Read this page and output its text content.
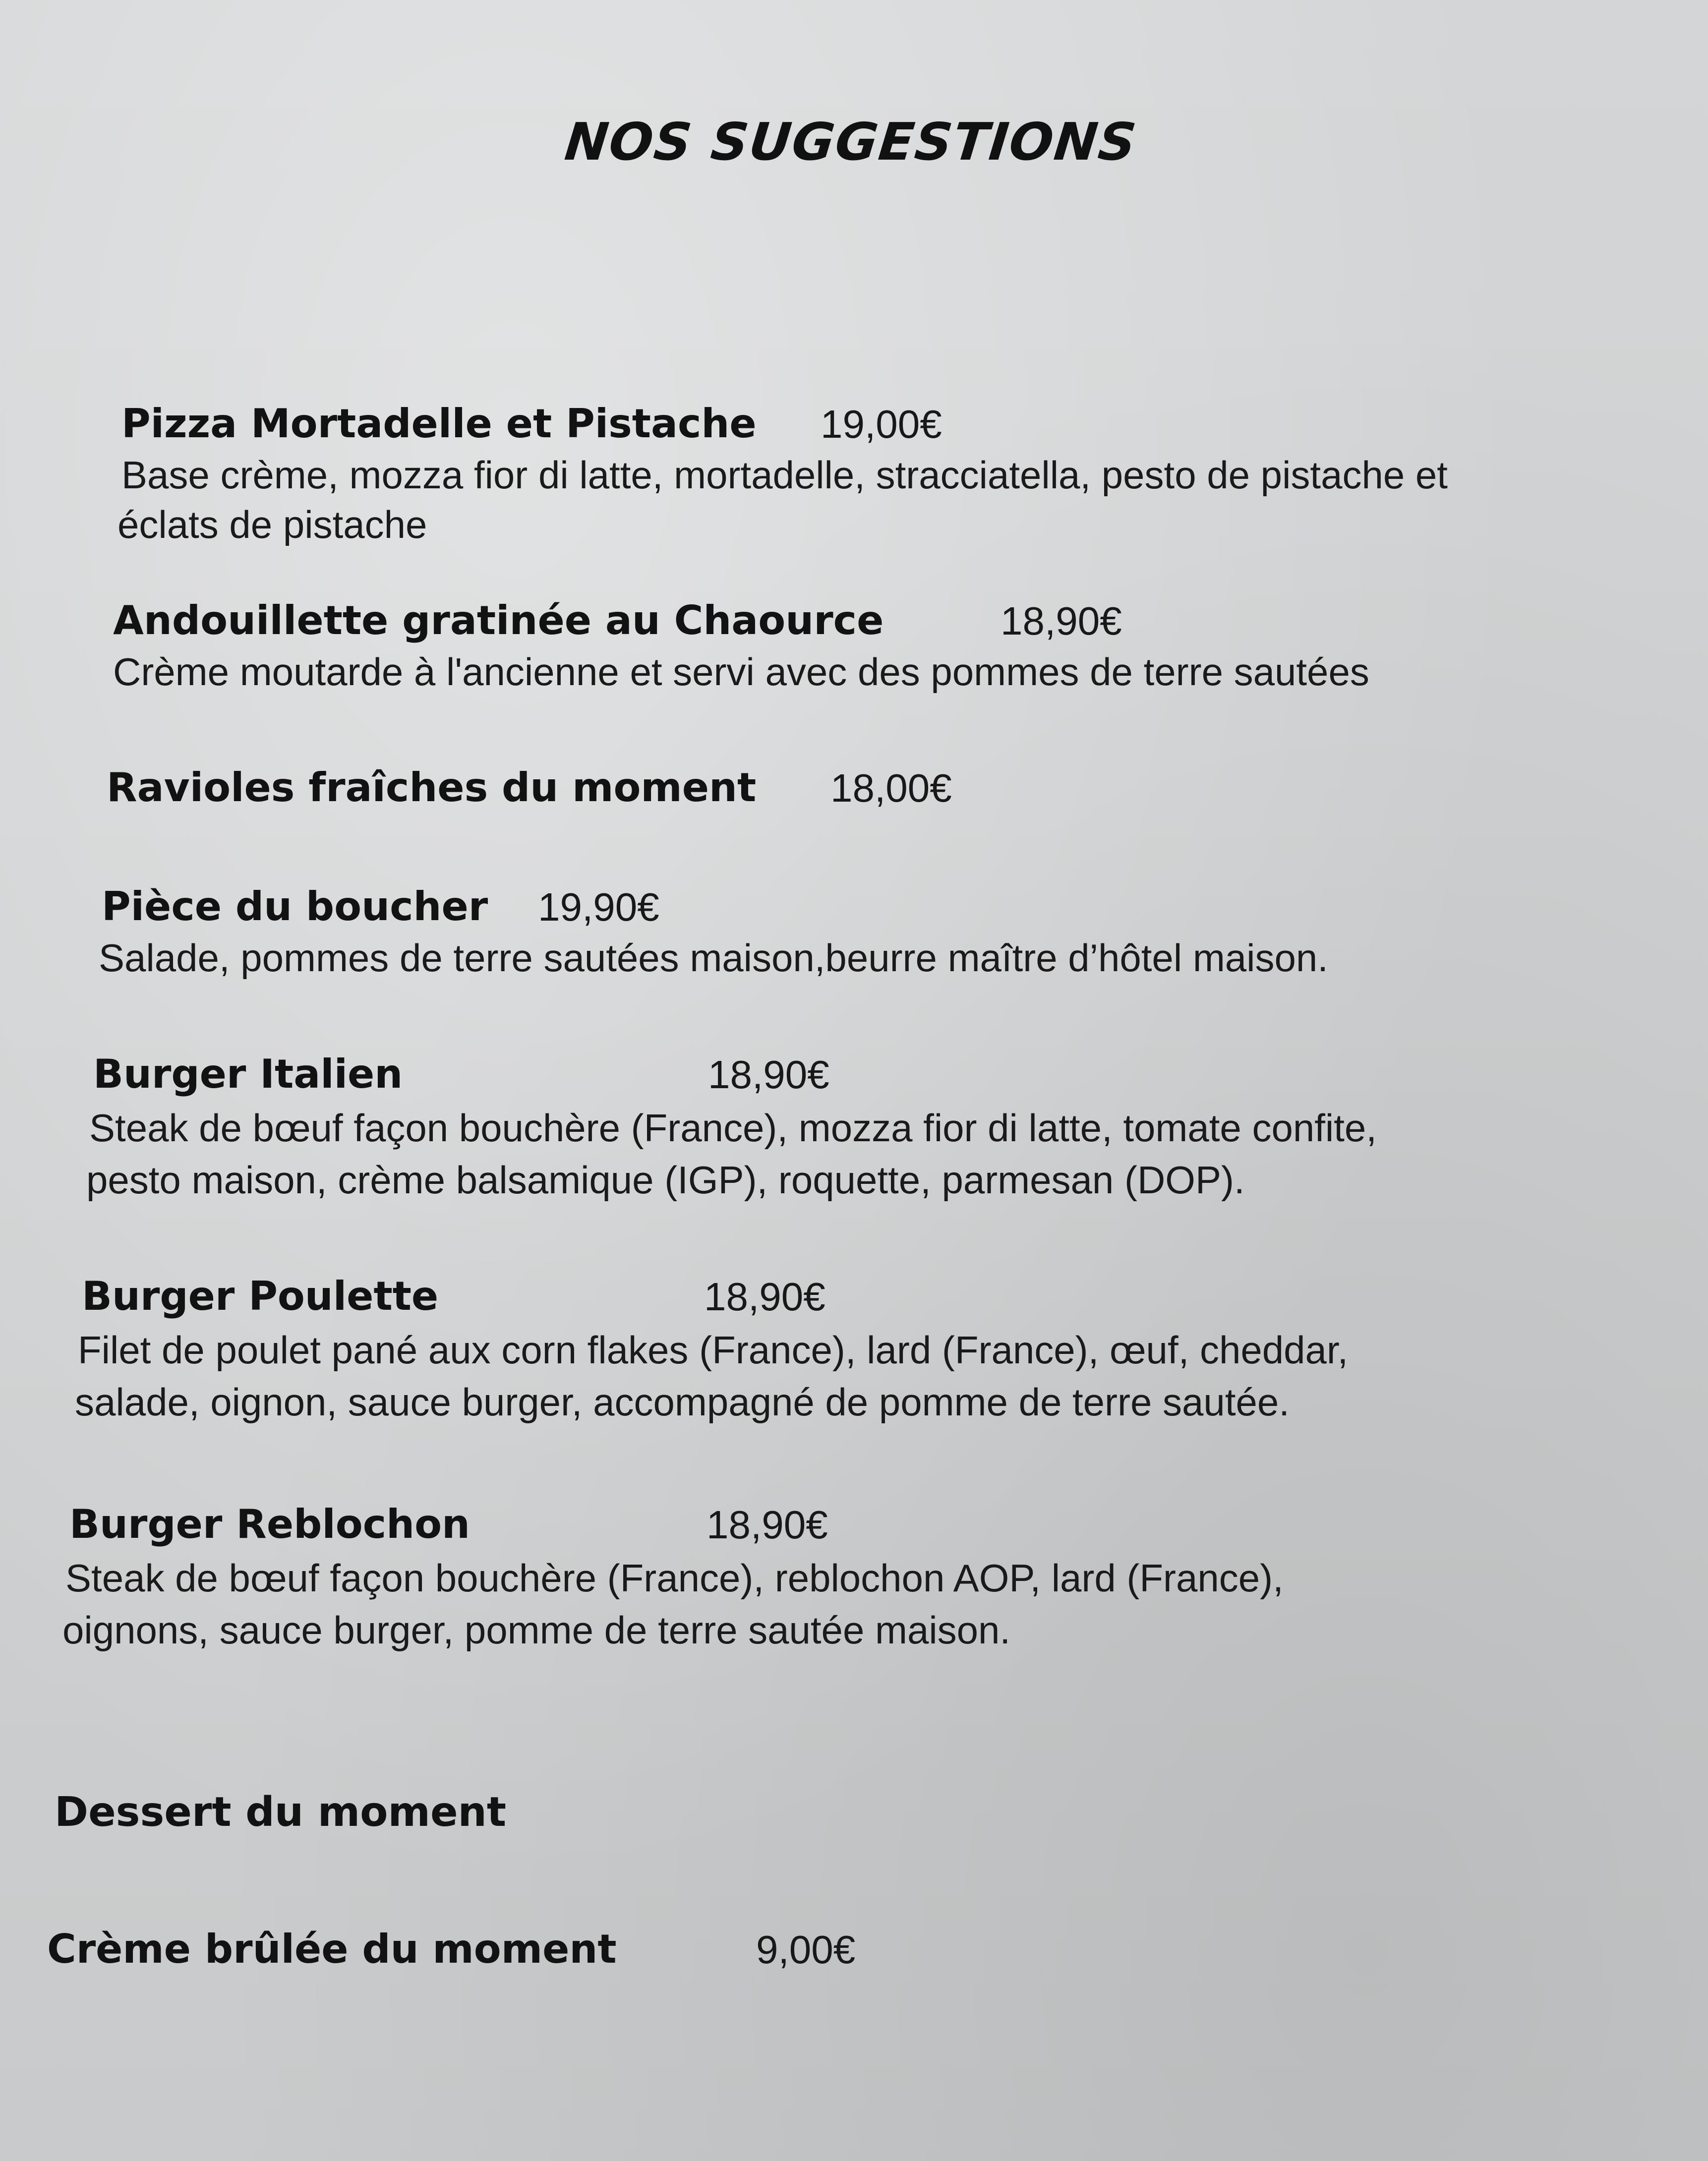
NOS SUGGESTIONS
Pizza Mortadelle et Pistache 19,00€
Base crème, mozza fior di latte, mortadelle, stracciatella, pesto de pistache et
éclats de pistache
Andouillette gratinée au Chaource	18,90€
Crème moutarde à l'ancienne et servi avec des pommes de terre sautées
Ravioles fraîches du moment 18,00€
Pièce du boucher 19,90€
Salade, pommes de terre sautées maison,beurre maître d’hôtel maison.
Burger Italien	18,90€
Steak de bœuf façon bouchère (France), mozza fior di latte, tomate confite,
pesto maison, crème balsamique (IGP), roquette, parmesan (DOP).
Burger Poulette	18,90€
Filet de poulet pané aux corn flakes (France), lard (France), œuf, cheddar,
salade, oignon, sauce burger, accompagné de pomme de terre sautée.
Burger Reblochon	18,90€
Steak de bœuf façon bouchère (France), reblochon AOP, lard (France),
oignons, sauce burger, pomme de terre sautée maison.
Dessert du moment
Crème brûlée du moment	9,00€
